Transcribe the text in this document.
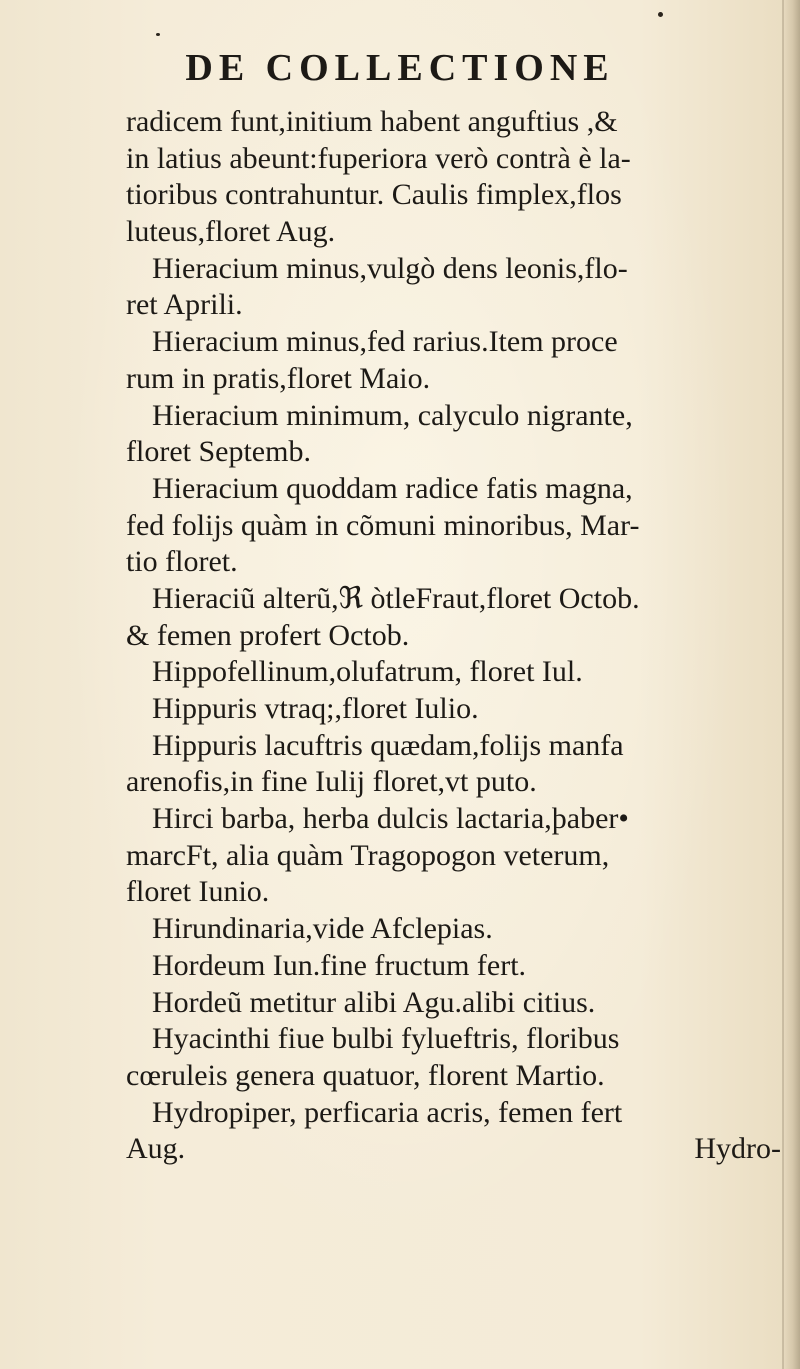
DE COLLECTIONE
radicem funt,initium habent anguftius ,&
in latius abeunt:fuperiora verò contrà è la-
tioribus contrahuntur. Caulis fimplex,flos
luteus,floret Aug.
Hieracium minus,vulgò dens leonis,flo-
ret Aprili.
Hieracium minus,fed rarius.Item proce
rum in pratis,floret Maio.
Hieracium minimum, calyculo nigrante,
floret Septemb.
Hieracium quoddam radice fatis magna,
fed folijs quàm in cõmuni minoribus, Mar-
tio floret.
Hieraciũ alterũ,ℜ òtleFraut,floret Octob.
& femen profert Octob.
Hippofellinum,olufatrum, floret Iul.
Hippuris vtraq;,floret Iulio.
Hippuris lacuftris quædam,folijs manfa
arenofis,in fine Iulij floret,vt puto.
Hirci barba, herba dulcis lactaria,þaber•
marcFt, alia quàm Tragopogon veterum,
floret Iunio.
Hirundinaria,vide Afclepias.
Hordeum Iun.fine fructum fert.
Hordeũ metitur alibi Agu.alibi citius.
Hyacinthi fiue bulbi fylueftris, floribus
cœruleis genera quatuor, florent Martio.
Hydropiper, perficaria acris, femen fert
Aug.	Hydro-
